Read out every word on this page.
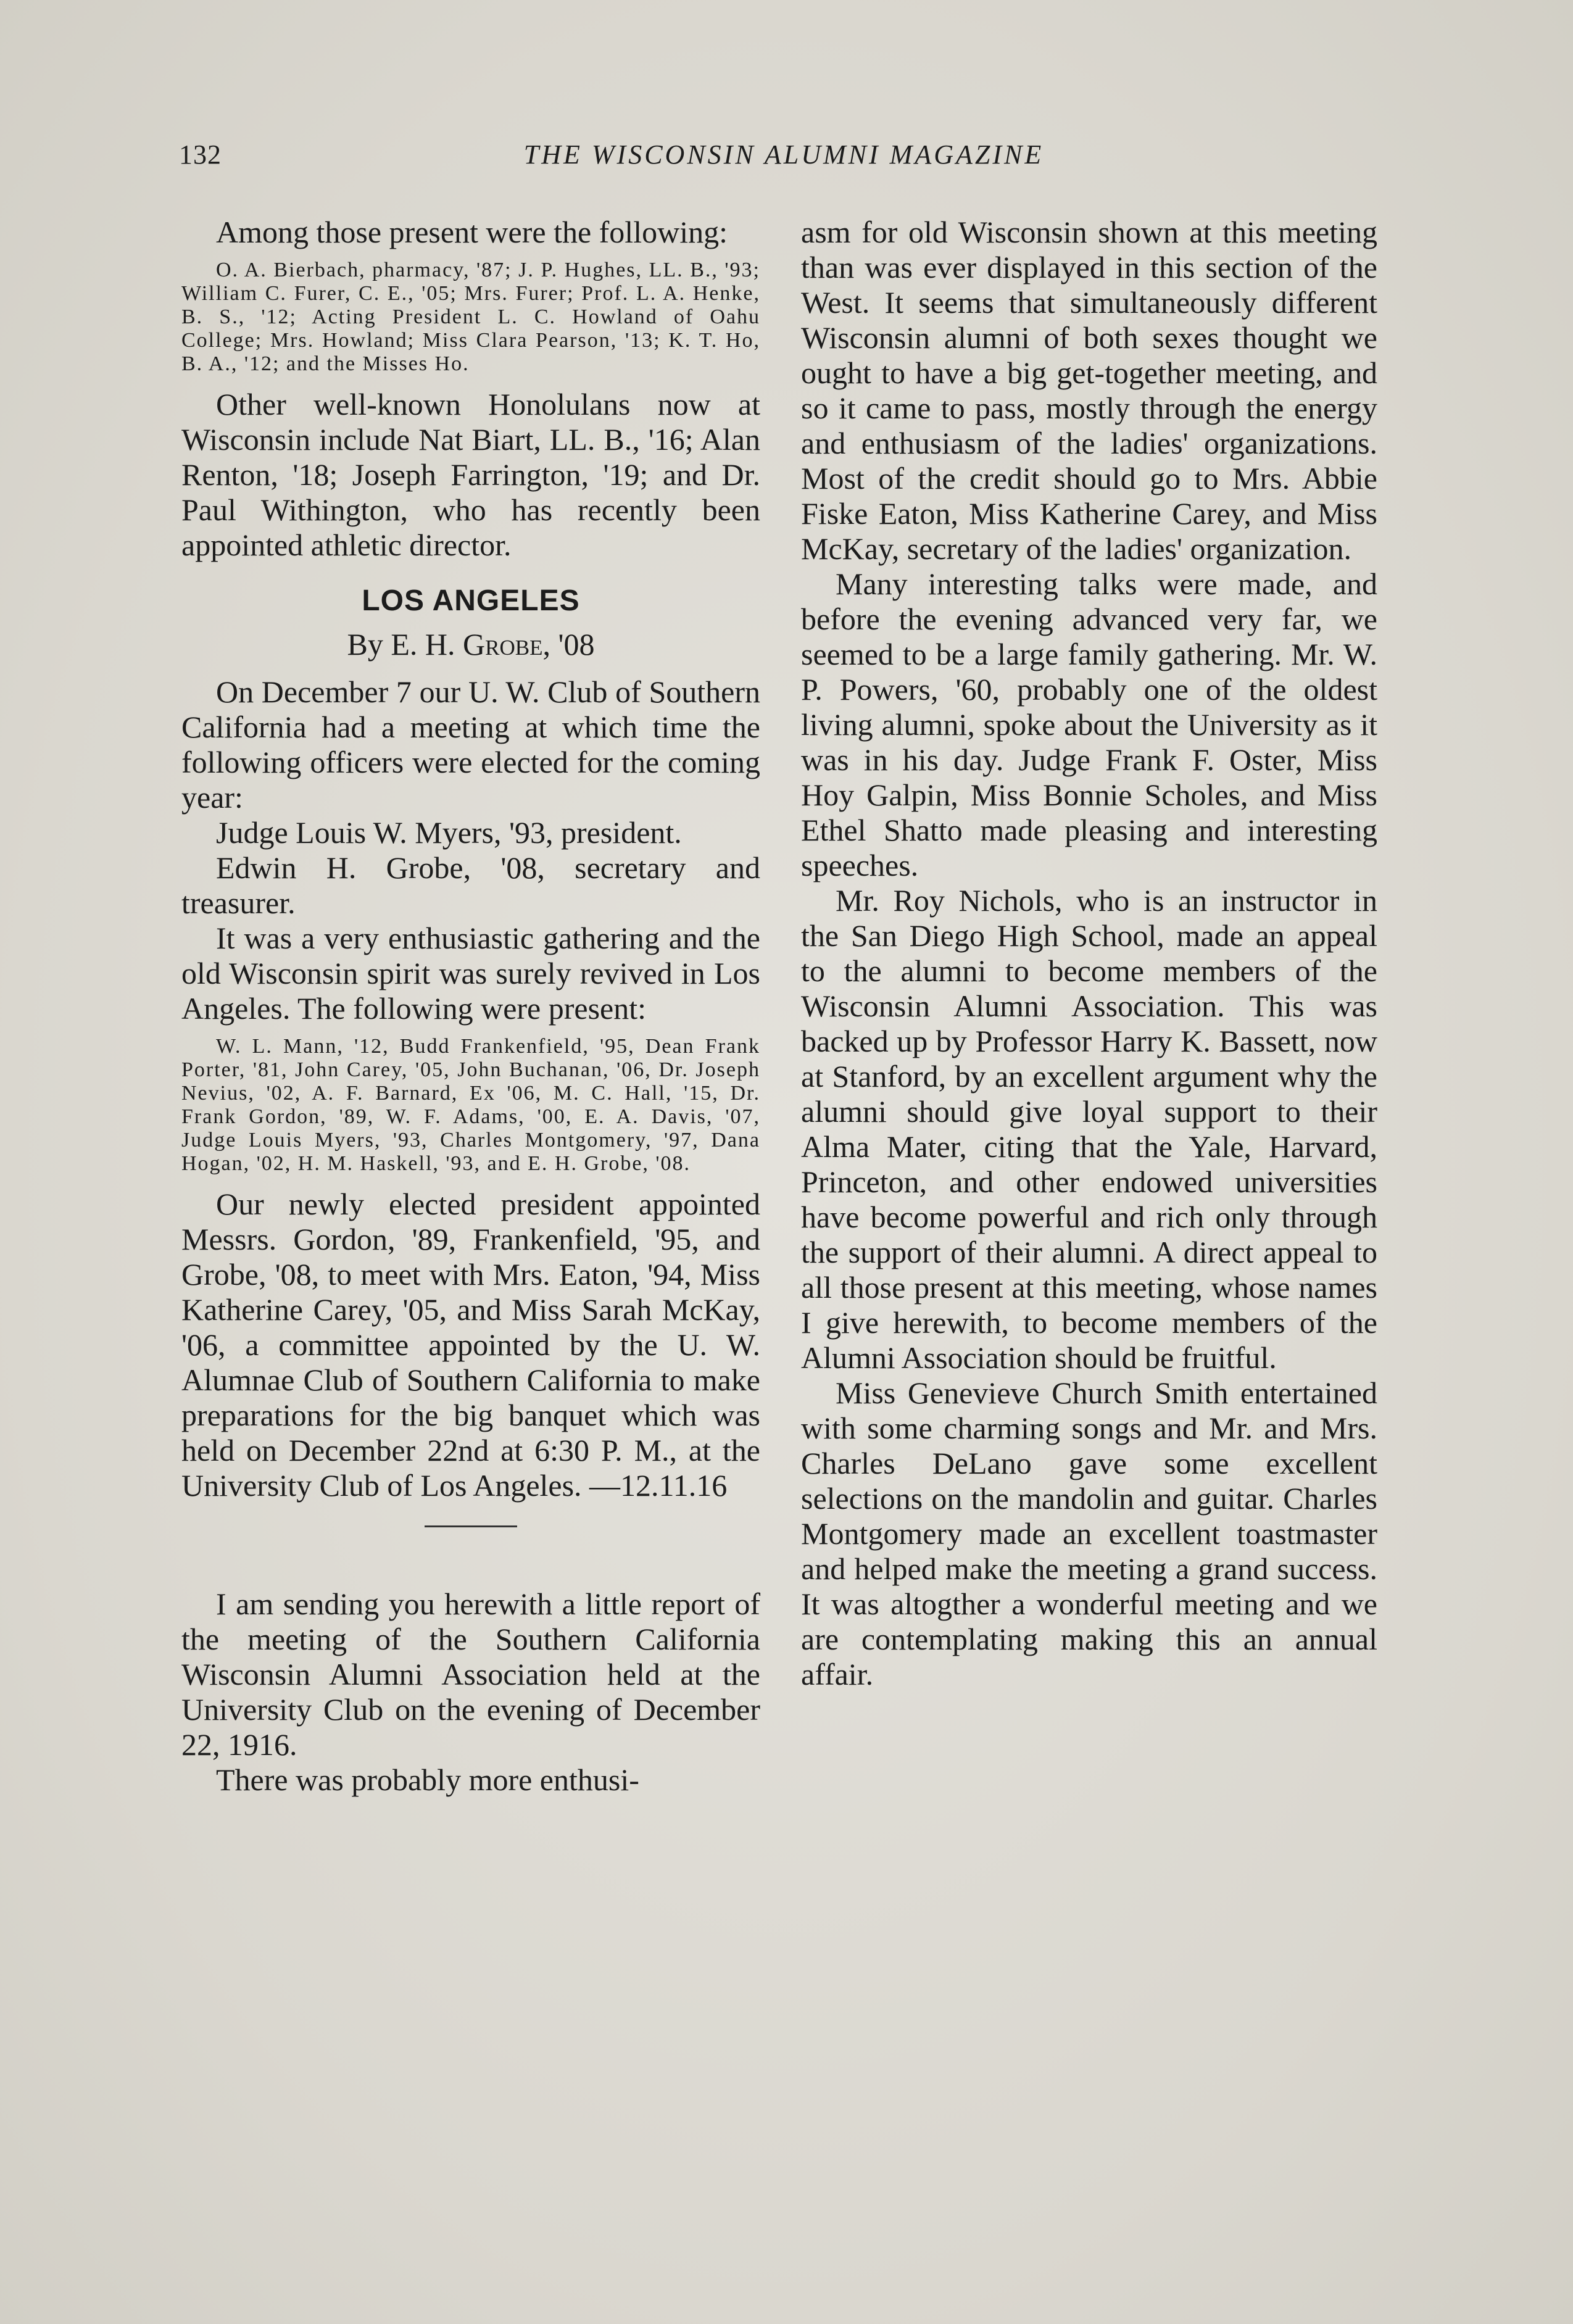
132	THE WISCONSIN ALUMNI MAGAZINE

Among those present were the following:

O. A. Bierbach, pharmacy, '87; J. P. Hughes, LL. B., '93; William C. Furer, C. E., '05; Mrs. Furer; Prof. L. A. Henke, B. S., '12; Acting President L. C. Howland of Oahu College; Mrs. Howland; Miss Clara Pearson, '13; K. T. Ho, B. A., '12; and the Misses Ho.

Other well-known Honolulans now at Wisconsin include Nat Biart, LL. B., '16; Alan Renton, '18; Joseph Farrington, '19; and Dr. Paul Withington, who has recently been appointed athletic director.

LOS ANGELES
By E. H. Grobe, '08

On December 7 our U. W. Club of Southern California had a meeting at which time the following officers were elected for the coming year:

Judge Louis W. Myers, '93, president.

Edwin H. Grobe, '08, secretary and treasurer.

It was a very enthusiastic gathering and the old Wisconsin spirit was surely revived in Los Angeles. The following were present:

W. L. Mann, '12, Budd Frankenfield, '95, Dean Frank Porter, '81, John Carey, '05, John Buchanan, '06, Dr. Joseph Nevius, '02, A. F. Barnard, Ex '06, M. C. Hall, '15, Dr. Frank Gordon, '89, W. F. Adams, '00, E. A. Davis, '07, Judge Louis Myers, '93, Charles Montgomery, '97, Dana Hogan, '02, H. M. Haskell, '93, and E. H. Grobe, '08.

Our newly elected president appointed Messrs. Gordon, '89, Frankenfield, '95, and Grobe, '08, to meet with Mrs. Eaton, '94, Miss Katherine Carey, '05, and Miss Sarah McKay, '06, a committee appointed by the U. W. Alumnae Club of Southern California to make preparations for the big banquet which was held on December 22nd at 6:30 P. M., at the University Club of Los Angeles. —12.11.16

I am sending you herewith a little report of the meeting of the Southern California Wisconsin Alumni Association held at the University Club on the evening of December 22, 1916.

There was probably more enthusi-

asm for old Wisconsin shown at this meeting than was ever displayed in this section of the West. It seems that simultaneously different Wisconsin alumni of both sexes thought we ought to have a big get-together meeting, and so it came to pass, mostly through the energy and enthusiasm of the ladies' organizations. Most of the credit should go to Mrs. Abbie Fiske Eaton, Miss Katherine Carey, and Miss McKay, secretary of the ladies' organization.

Many interesting talks were made, and before the evening advanced very far, we seemed to be a large family gathering. Mr. W. P. Powers, '60, probably one of the oldest living alumni, spoke about the University as it was in his day. Judge Frank F. Oster, Miss Hoy Galpin, Miss Bonnie Scholes, and Miss Ethel Shatto made pleasing and interesting speeches.

Mr. Roy Nichols, who is an instructor in the San Diego High School, made an appeal to the alumni to become members of the Wisconsin Alumni Association. This was backed up by Professor Harry K. Bassett, now at Stanford, by an excellent argument why the alumni should give loyal support to their Alma Mater, citing that the Yale, Harvard, Princeton, and other endowed universities have become powerful and rich only through the support of their alumni. A direct appeal to all those present at this meeting, whose names I give herewith, to become members of the Alumni Association should be fruitful.

Miss Genevieve Church Smith entertained with some charming songs and Mr. and Mrs. Charles DeLano gave some excellent selections on the mandolin and guitar. Charles Montgomery made an excellent toastmaster and helped make the meeting a grand success. It was altogther a wonderful meeting and we are contemplating making this an annual affair.
